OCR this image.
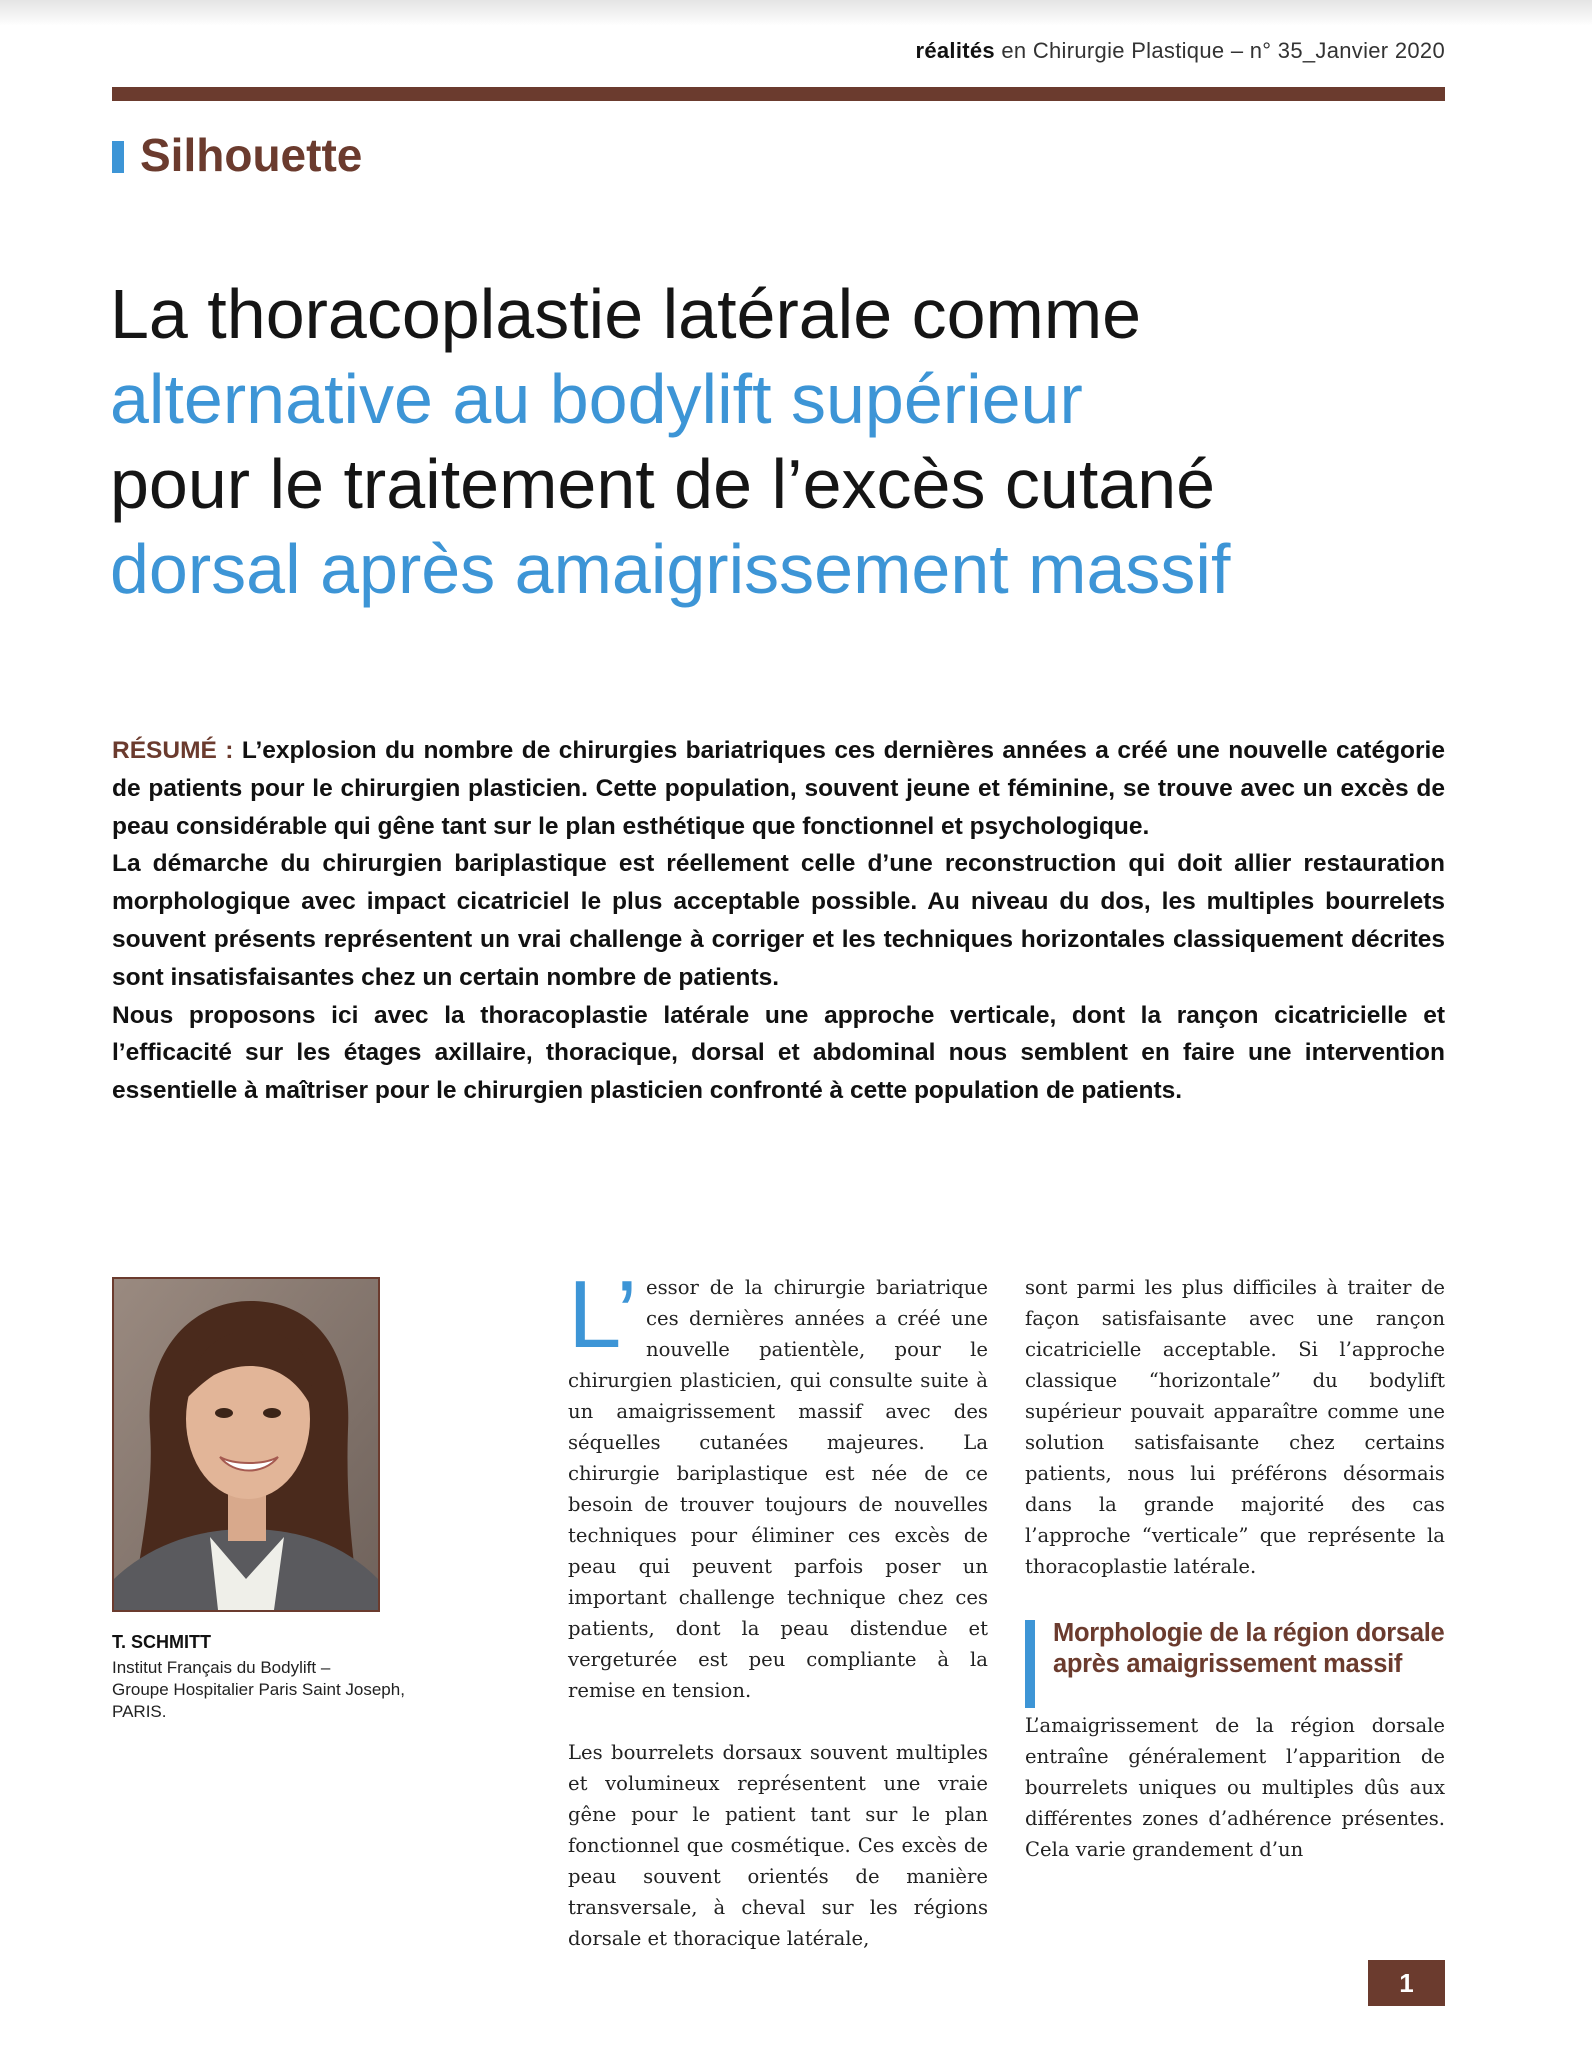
réalités en Chirurgie Plastique – n° 35_Janvier 2020
Silhouette
La thoracoplastie latérale comme
alternative au bodylift supérieur
pour le traitement de l’excès cutané
dorsal après amaigrissement massif

RÉSUMÉ : L’explosion du nombre de chirurgies bariatriques ces dernières années a créé une nouvelle catégorie de patients pour le chirurgien plasticien. Cette population, souvent jeune et féminine, se trouve avec un excès de peau considérable qui gêne tant sur le plan esthétique que fonctionnel et psychologique.

La démarche du chirurgien bariplastique est réellement celle d’une reconstruction qui doit allier restauration morphologique avec impact cicatriciel le plus acceptable possible. Au niveau du dos, les multiples bourrelets souvent présents représentent un vrai challenge à corriger et les techniques horizontales classiquement décrites sont insatisfaisantes chez un certain nombre de patients.

Nous proposons ici avec la thoracoplastie latérale une approche verticale, dont la rançon cicatricielle et l’efficacité sur les étages axillaire, thoracique, dorsal et abdominal nous semblent en faire une intervention essentielle à maîtriser pour le chirurgien plasticien confronté à cette population de patients.

T. SCHMITT
Institut Français du Bodylift –
Groupe Hospitalier Paris Saint Joseph,
PARIS.
L’ essor de la chirurgie bariatrique ces dernières années a créé une nouvelle patientèle, pour le chirurgien plasticien, qui consulte suite à un amaigrissement massif avec des séquelles cutanées majeures. La chirurgie bariplastique est née de ce besoin de trouver toujours de nouvelles techniques pour éliminer ces excès de peau qui peuvent parfois poser un important challenge technique chez ces patients, dont la peau distendue et vergeturée est peu compliante à la remise en tension.

Les bourrelets dorsaux souvent multiples et volumineux représentent une vraie gêne pour le patient tant sur le plan fonctionnel que cosmétique. Ces excès de peau souvent orientés de manière transversale, à cheval sur les régions dorsale et thoracique latérale,

sont parmi les plus difficiles à traiter de façon satisfaisante avec une rançon cicatricielle acceptable. Si l’approche classique “horizontale” du bodylift supérieur pouvait apparaître comme une solution satisfaisante chez certains patients, nous lui préférons désormais dans la grande majorité des cas l’approche “verticale” que représente la thoracoplastie latérale.

Morphologie de la région dorsale après amaigrissement massif

L’amaigrissement de la région dorsale entraîne généralement l’apparition de bourrelets uniques ou multiples dûs aux différentes zones d’adhérence présentes. Cela varie grandement d’un

1
